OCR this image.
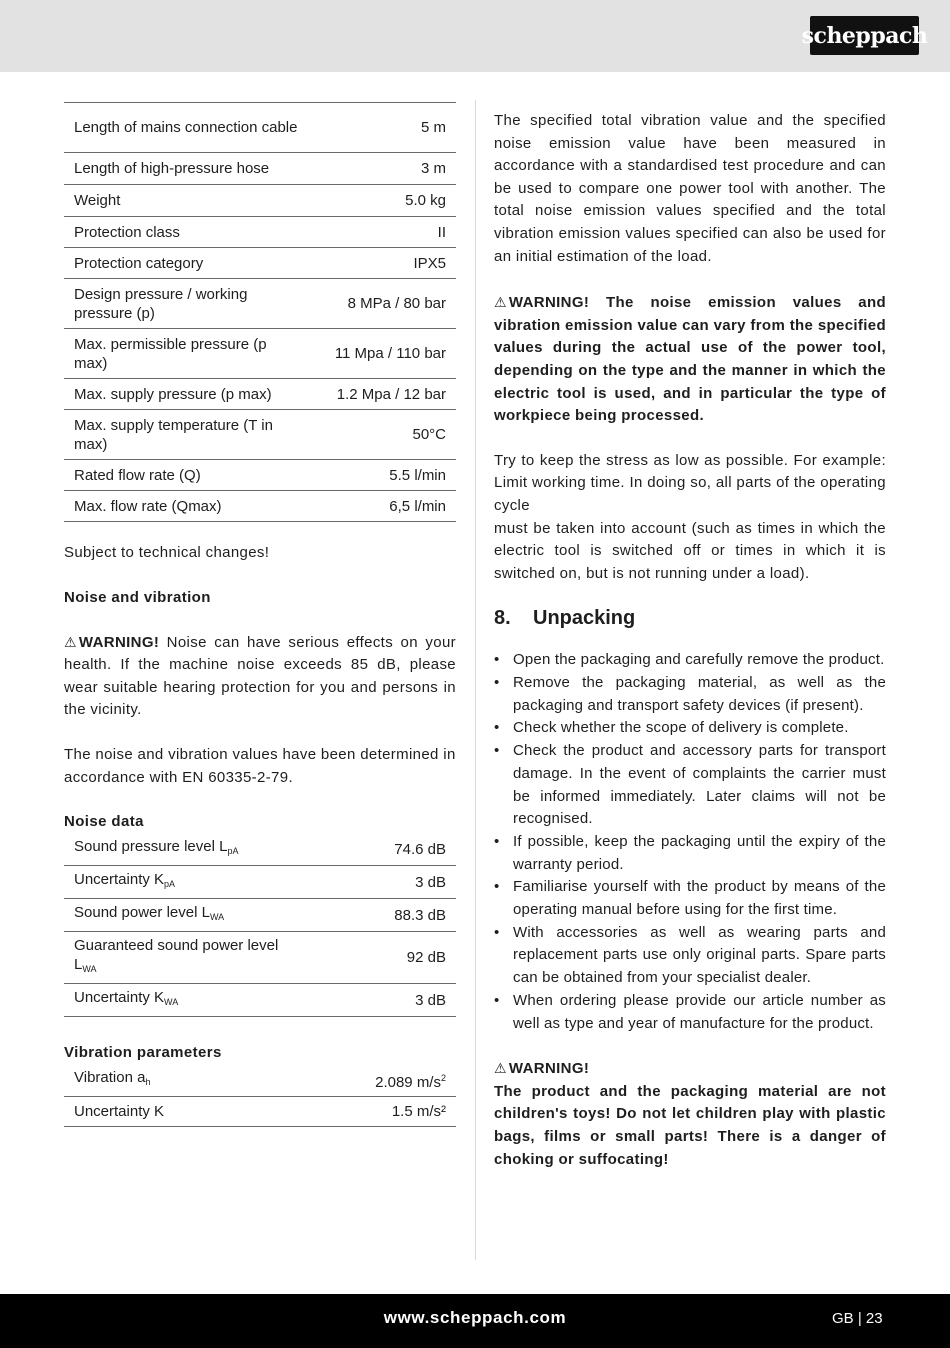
scheppach
Length of mains connection cable	5 m
Length of high-pressure hose	3 m
Weight	5.0 kg
Protection class	II
Protection category	IPX5
Design pressure / working pressure (p)	8 MPa / 80 bar
Max. permissible pressure (p max)	11 Mpa / 110 bar
Max. supply pressure (p max)	1.2 Mpa / 12 bar
Max. supply temperature (T in max)	50°C
Rated flow rate (Q)	5.5 l/min
Max. flow rate (Qmax)	6,5 l/min

Subject to technical changes!

Noise and vibration

⚠ WARNING! Noise can have serious effects on your health. If the machine noise exceeds 85 dB, please wear suitable hearing protection for you and persons in the vicinity.

The noise and vibration values have been determined in accordance with EN 60335-2-79.

Noise data
Sound pressure level $L_{pA}$	74.6 dB
Uncertainty $K_{pA}$	3 dB
Sound power level $L_{WA}$	88.3 dB
Guaranteed sound power level $L_{WA}$	92 dB
Uncertainty $K_{WA}$	3 dB
Vibration parameters
Vibration $a_h$	2.089 $m/s^2$
Uncertainty K	1.5 m/s²

The specified total vibration value and the specified noise emission value have been measured in accordance with a standardised test procedure and can be used to compare one power tool with another. The total noise emission values specified and the total vibration emission values specified can also be used for an initial estimation of the load.

⚠ WARNING! The noise emission values and vibration emission value can vary from the specified values during the actual use of the power tool, depending on the type and the manner in which the electric tool is used, and in particular the type of workpiece being processed.

Try to keep the stress as low as possible. For example: Limit working time. In doing so, all parts of the operating cycle

must be taken into account (such as times in which the electric tool is switched off or times in which it is switched on, but is not running under a load).

8.	Unpacking
• Open the packaging and carefully remove the product.
• Remove the packaging material, as well as the packaging and transport safety devices (if present).
• Check whether the scope of delivery is complete.
• Check the product and accessory parts for transport damage. In the event of complaints the carrier must be informed immediately. Later claims will not be recognised.
• If possible, keep the packaging until the expiry of the warranty period.
• Familiarise yourself with the product by means of the operating manual before using for the first time.
• With accessories as well as wearing parts and replacement parts use only original parts. Spare parts can be obtained from your specialist dealer.
• When ordering please provide our article number as well as type and year of manufacture for the product.

⚠ WARNING!

The product and the packaging material are not children's toys! Do not let children play with plastic bags, films or small parts! There is a danger of choking or suffocating!

www.scheppach.com	GB | 23
